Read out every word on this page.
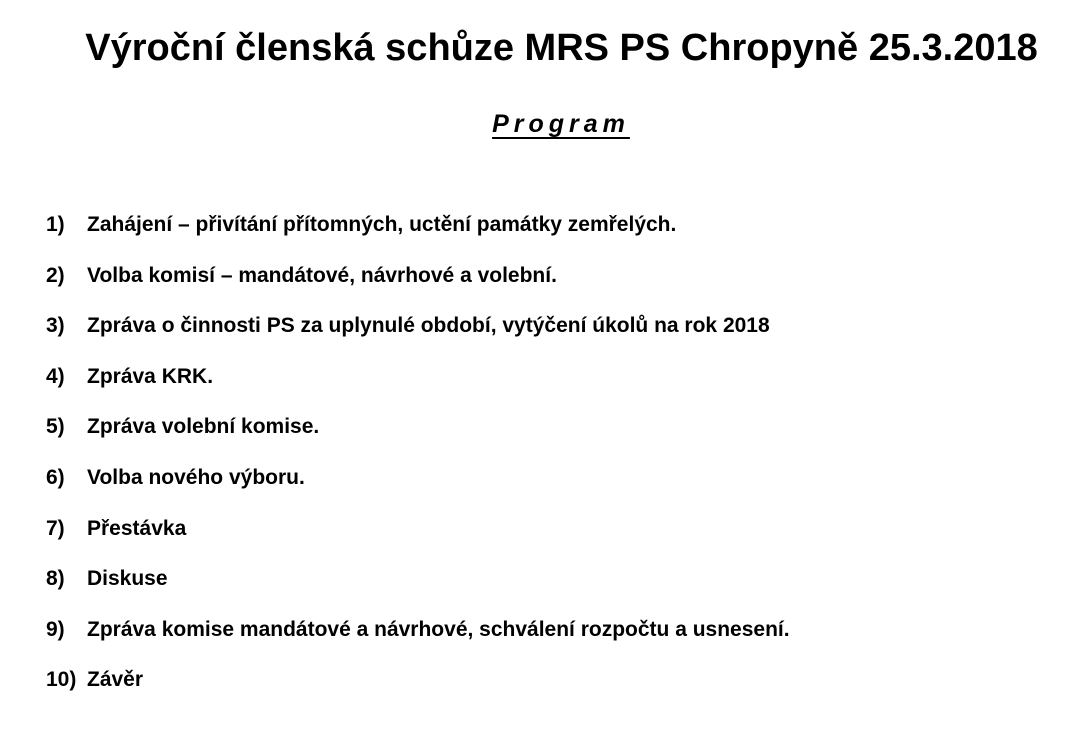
Výroční členská schůze MRS PS Chropyně 25.3.2018
Program
1)	Zahájení – přivítání přítomných, uctění památky zemřelých.
2)	Volba komisí – mandátové, návrhové a volební.
3)	Zpráva o činnosti PS za uplynulé období, vytýčení úkolů na rok 2018
4)	Zpráva KRK.
5)	Zpráva volební komise.
6)	Volba nového výboru.
7)	Přestávka
8)	Diskuse
9)	Zpráva komise mandátové a návrhové, schválení rozpočtu a usnesení.
10) Závěr
